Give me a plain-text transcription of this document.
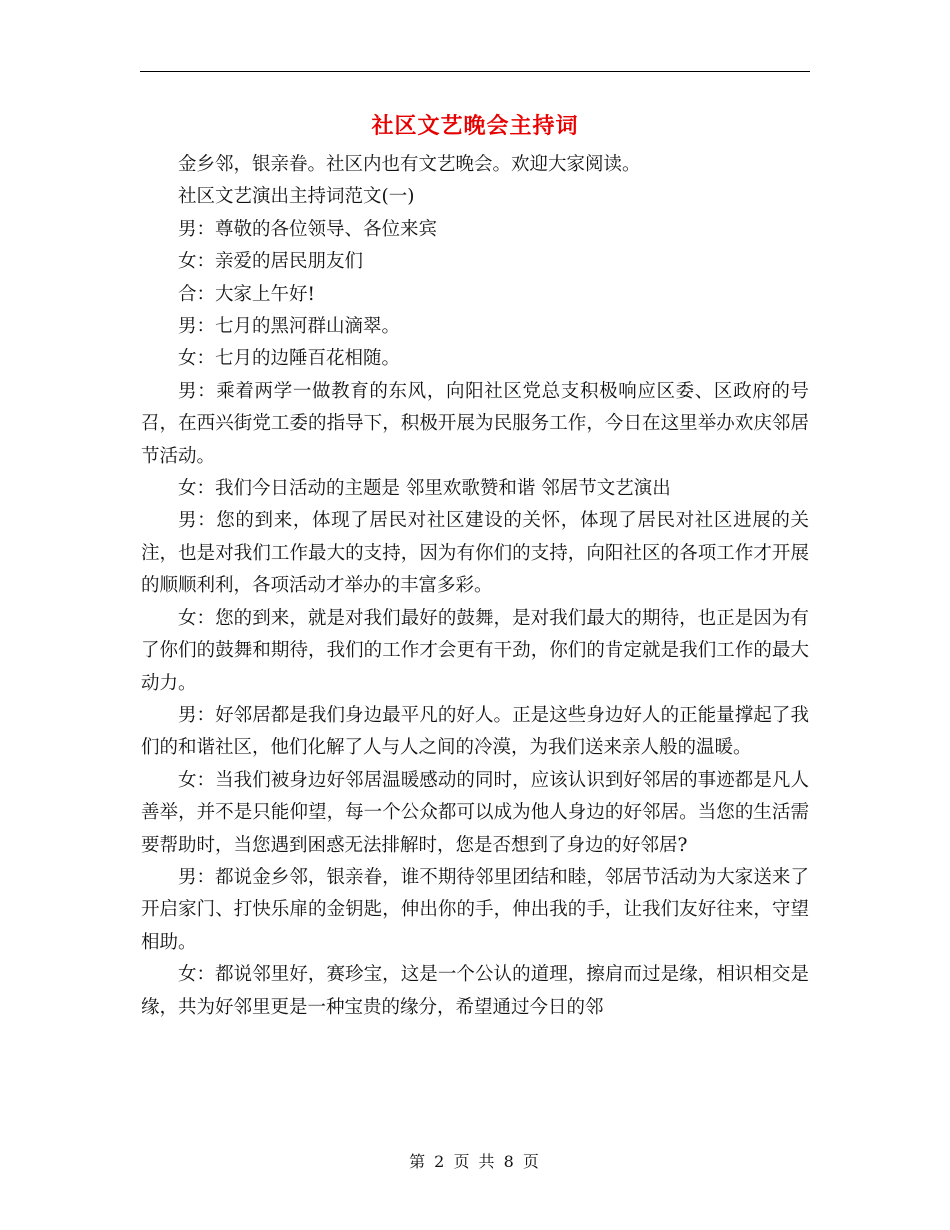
社区文艺晚会主持词

金乡邻，银亲眷。社区内也有文艺晚会。欢迎大家阅读。

社区文艺演出主持词范文(一)

男：尊敬的各位领导、各位来宾

女：亲爱的居民朋友们

合：大家上午好!

男：七月的黑河群山滴翠。

女：七月的边陲百花相随。

男：乘着两学一做教育的东风，向阳社区党总支积极响应区委、区政府的号召，在西兴街党工委的指导下，积极开展为民服务工作，今日在这里举办欢庆邻居节活动。

女：我们今日活动的主题是 邻里欢歌赞和谐 邻居节文艺演出

男：您的到来，体现了居民对社区建设的关怀，体现了居民对社区进展的关注，也是对我们工作最大的支持，因为有你们的支持，向阳社区的各项工作才开展的顺顺利利，各项活动才举办的丰富多彩。

女：您的到来，就是对我们最好的鼓舞，是对我们最大的期待，也正是因为有了你们的鼓舞和期待，我们的工作才会更有干劲，你们的肯定就是我们工作的最大动力。

男：好邻居都是我们身边最平凡的好人。正是这些身边好人的正能量撑起了我们的和谐社区，他们化解了人与人之间的冷漠，为我们送来亲人般的温暖。

女：当我们被身边好邻居温暖感动的同时，应该认识到好邻居的事迹都是凡人善举，并不是只能仰望，每一个公众都可以成为他人身边的好邻居。当您的生活需要帮助时，当您遇到困惑无法排解时，您是否想到了身边的好邻居?

男：都说金乡邻，银亲眷，谁不期待邻里团结和睦，邻居节活动为大家送来了开启家门、打快乐扉的金钥匙，伸出你的手，伸出我的手，让我们友好往来，守望相助。

女：都说邻里好，赛珍宝，这是一个公认的道理，擦肩而过是缘，相识相交是缘，共为好邻里更是一种宝贵的缘分，希望通过今日的邻

第 2 页 共 8 页
